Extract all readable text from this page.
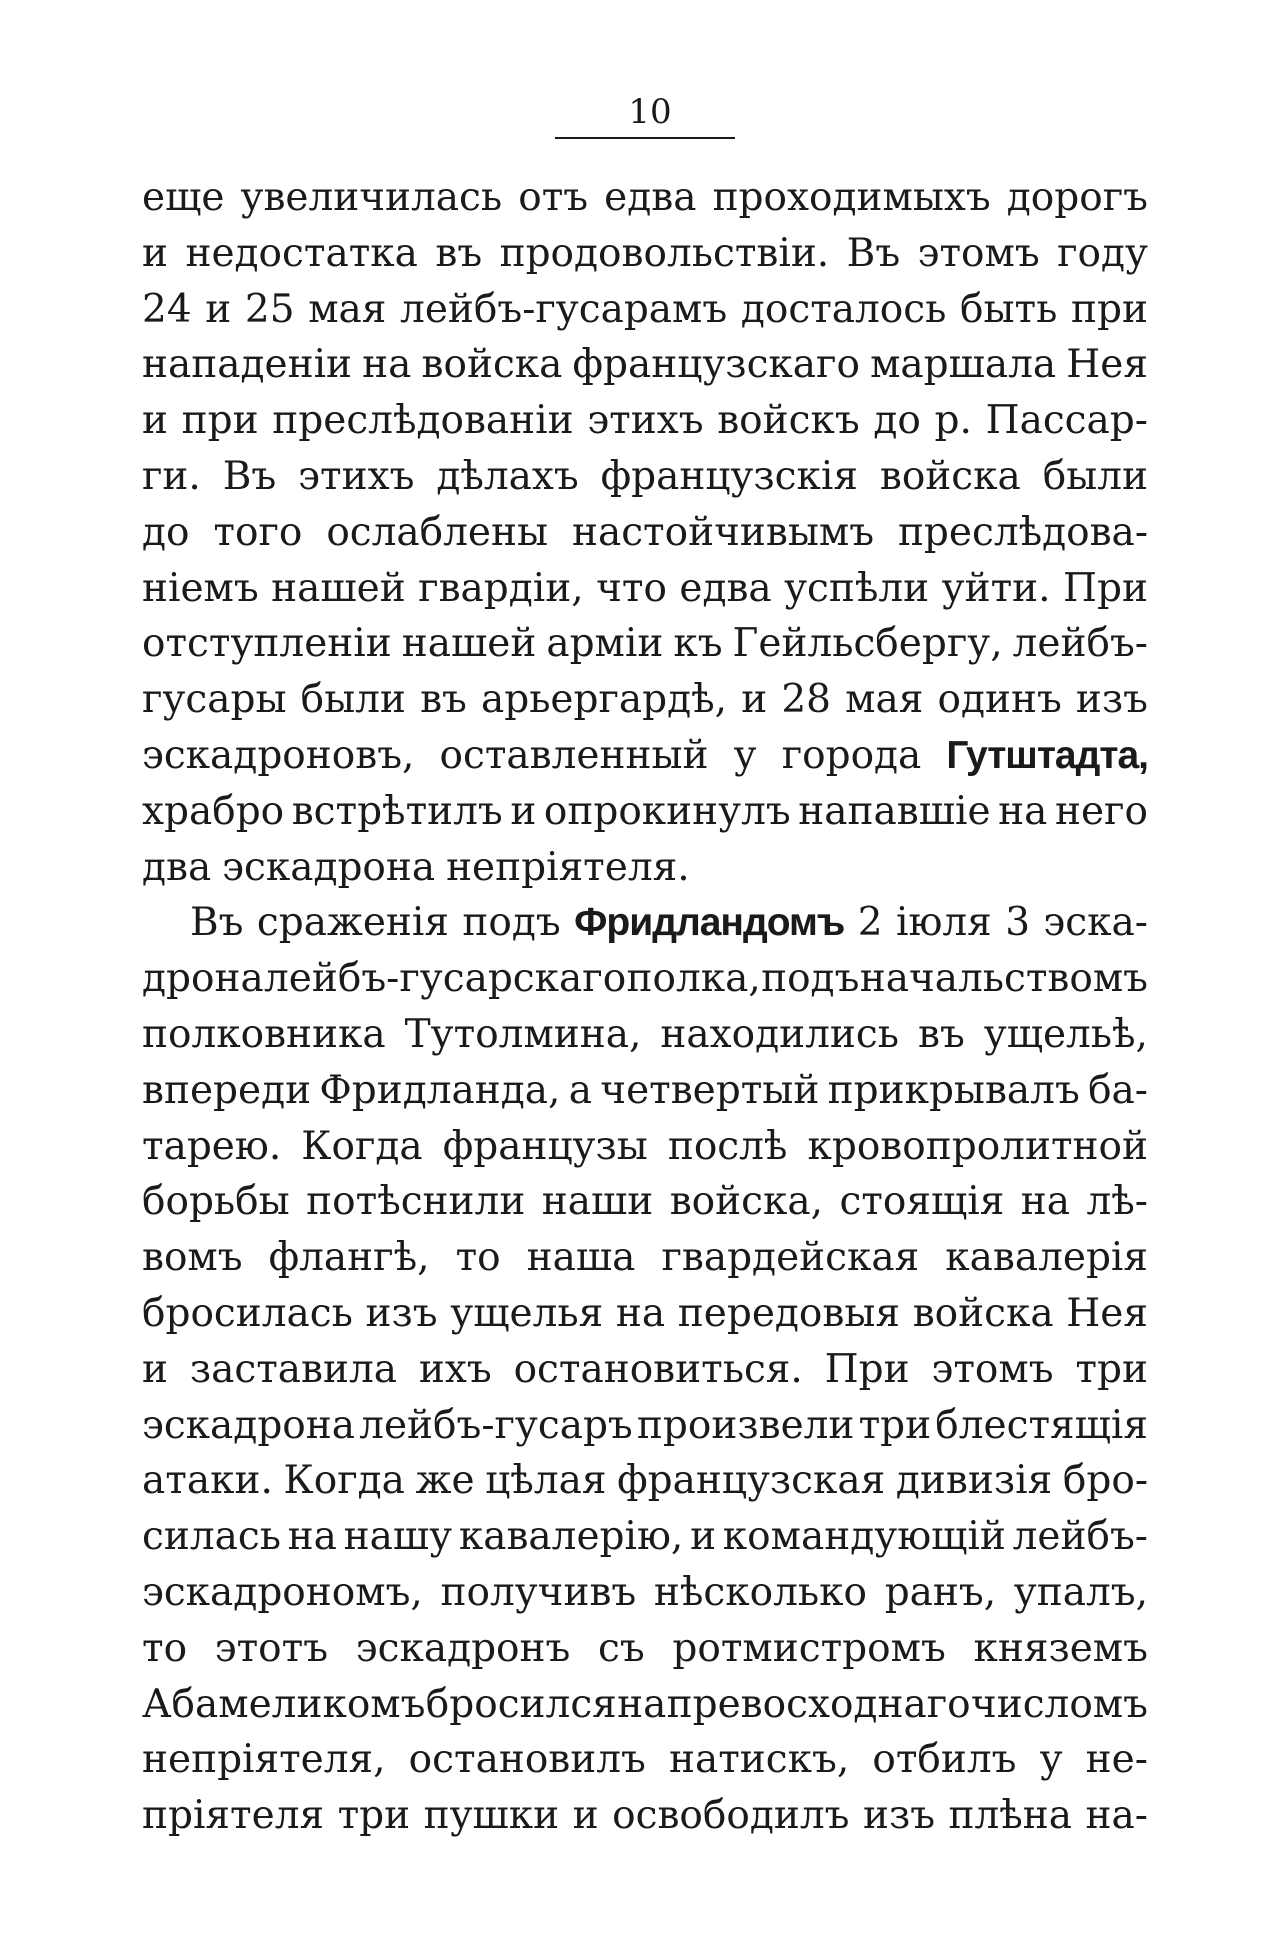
10
еще увеличилась отъ едва проходимыхъ дорогъ
и недостатка въ продовольствіи. Въ этомъ году
24 и 25 мая лейбъ-гусарамъ досталось быть при
нападеніи на войска французскаго маршала Нея
и при преслѣдованіи этихъ войскъ до р. Пассар-
ги. Въ этихъ дѣлахъ французскія войска были
до того ослаблены настойчивымъ преслѣдова-
ніемъ нашей гвардіи, что едва успѣли уйти. При
отступленіи нашей арміи къ Гейльсбергу, лейбъ-
гусары были въ арьергардѣ, и 28 мая одинъ изъ
эскадроновъ, оставленный у города Гутштадта,
храбро встрѣтилъ и опрокинулъ напавшіе на него
два эскадрона непріятеля.
Въ сраженія подъ Фридландомъ 2 іюля 3 эска-
дрона лейбъ-гусарскаго полка, подъ начальствомъ
полковника Тутолмина, находились въ ущельѣ,
впереди Фридланда, а четвертый прикрывалъ ба-
тарею. Когда французы послѣ кровопролитной
борьбы потѣснили наши войска, стоящія на лѣ-
вомъ флангѣ, то наша гвардейская кавалерія
бросилась изъ ущелья на передовыя войска Нея
и заставила ихъ остановиться. При этомъ три
эскадрона лейбъ-гусаръ произвели три блестящія
атаки. Когда же цѣлая французская дивизія бро-
силась на нашу кавалерію, и командующій лейбъ-
эскадрономъ, получивъ нѣсколько ранъ, упалъ,
то этотъ эскадронъ съ ротмистромъ княземъ
Абамеликомъ бросился на превосходнаго числомъ
непріятеля, остановилъ натискъ, отбилъ у не-
пріятеля три пушки и освободилъ изъ плѣна на-
